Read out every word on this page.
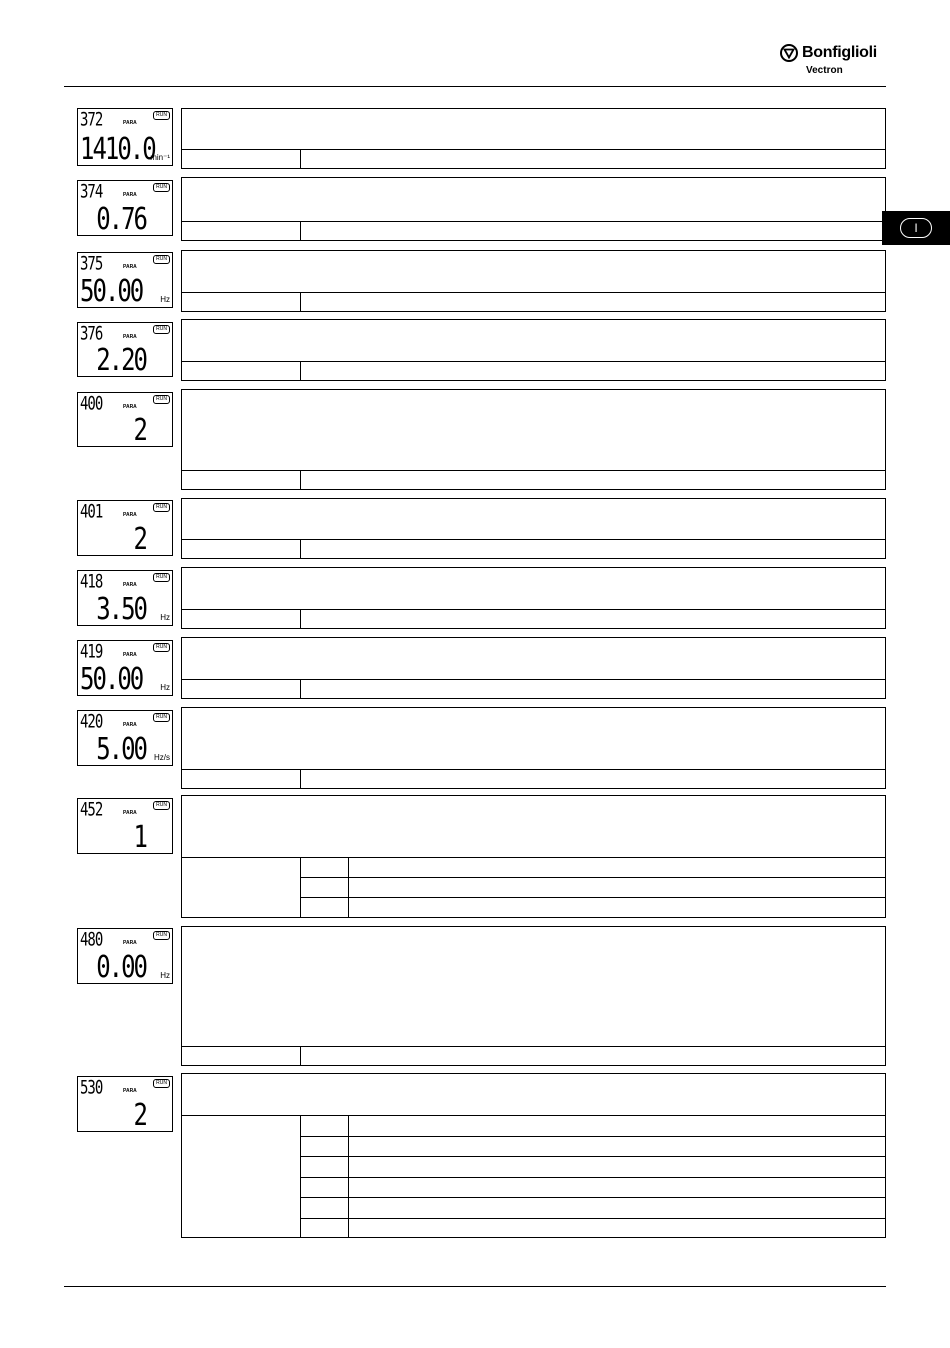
Bonfiglioli
Vectron
I
372	PARA
RUN
1410.0
min⁻¹
374	PARA
RUN
0.76
375	PARA
RUN
50.00 Hz
376	PARA
RUN
2.20
400	PARA
RUN
2
401	PARA
RUN
2
418	PARA
RUN
3.50 Hz
419	PARA
RUN
50.00 Hz
420	PARA
RUN
5.00 Hz/s
452	PARA
RUN
1
480	PARA
RUN
0.00 Hz
530	PARA
RUN
2
